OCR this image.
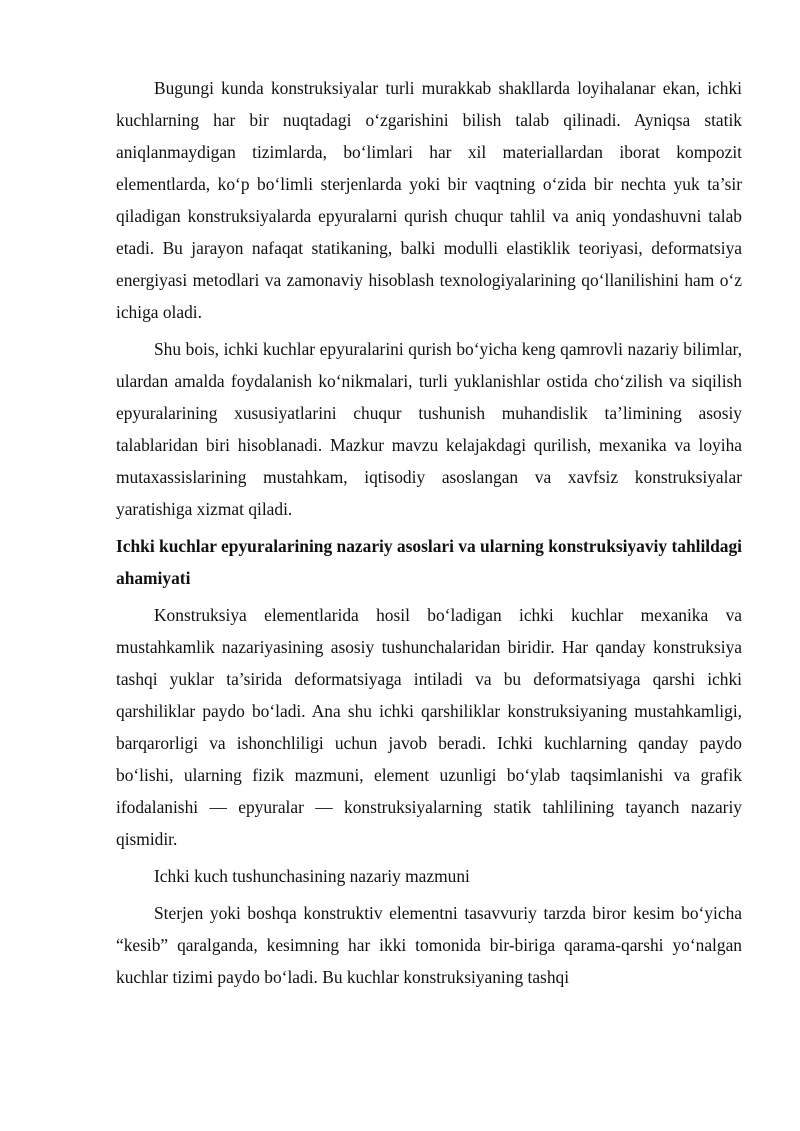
Bugungi kunda konstruksiyalar turli murakkab shakllarda loyihalanar ekan, ichki kuchlarning har bir nuqtadagi o‘zgarishini bilish talab qilinadi. Ayniqsa statik aniqlanmaydigan tizimlarda, bo‘limlari har xil materiallardan iborat kompozit elementlarda, ko‘p bo‘limli sterjenlarda yoki bir vaqtning o‘zida bir nechta yuk ta’sir qiladigan konstruksiyalarda epyuralarni qurish chuqur tahlil va aniq yondashuvni talab etadi. Bu jarayon nafaqat statikaning, balki modulli elastiklik teoriyasi, deformatsiya energiyasi metodlari va zamonaviy hisoblash texnologiyalarining qo‘llanilishini ham o‘z ichiga oladi.

Shu bois, ichki kuchlar epyuralarini qurish bo‘yicha keng qamrovli nazariy bilimlar, ulardan amalda foydalanish ko‘nikmalari, turli yuklanishlar ostida cho‘zilish va siqilish epyuralarining xususiyatlarini chuqur tushunish muhandislik ta’limining asosiy talablaridan biri hisoblanadi. Mazkur mavzu kelajakdagi qurilish, mexanika va loyiha mutaxassislarining mustahkam, iqtisodiy asoslangan va xavfsiz konstruksiyalar yaratishiga xizmat qiladi.

Ichki kuchlar epyuralarining nazariy asoslari va ularning konstruksiyaviy tahlildagi ahamiyati

Konstruksiya elementlarida hosil bo‘ladigan ichki kuchlar mexanika va mustahkamlik nazariyasining asosiy tushunchalaridan biridir. Har qanday konstruksiya tashqi yuklar ta’sirida deformatsiyaga intiladi va bu deformatsiyaga qarshi ichki qarshiliklar paydo bo‘ladi. Ana shu ichki qarshiliklar konstruksiyaning mustahkamligi, barqarorligi va ishonchliligi uchun javob beradi. Ichki kuchlarning qanday paydo bo‘lishi, ularning fizik mazmuni, element uzunligi bo‘ylab taqsimlanishi va grafik ifodalanishi — epyuralar — konstruksiyalarning statik tahlilining tayanch nazariy qismidir.

Ichki kuch tushunchasining nazariy mazmuni

Sterjen yoki boshqa konstruktiv elementni tasavvuriy tarzda biror kesim bo‘yicha “kesib” qaralganda, kesimning har ikki tomonida bir-biriga qarama-qarshi yo‘nalgan kuchlar tizimi paydo bo‘ladi. Bu kuchlar konstruksiyaning tashqi
